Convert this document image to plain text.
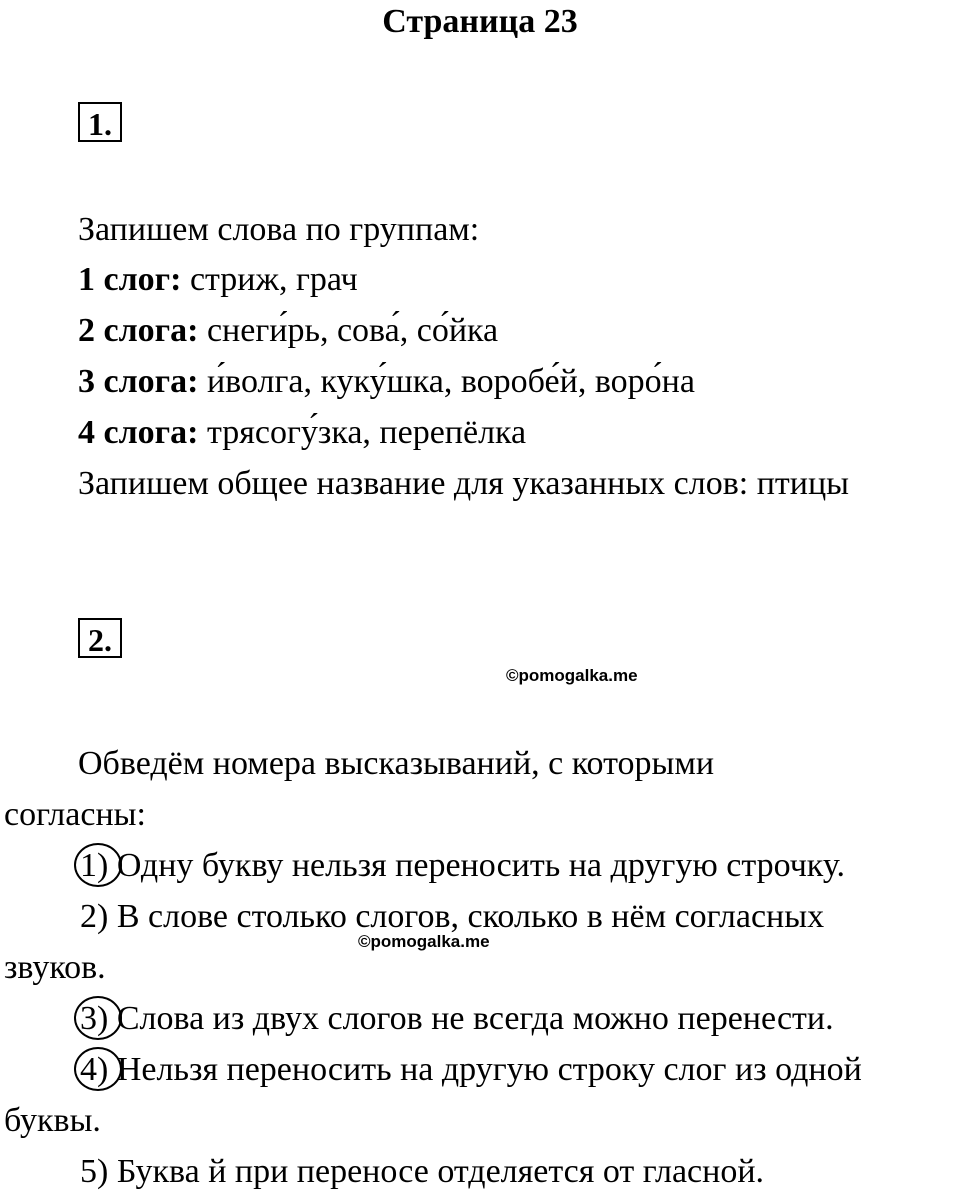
Страница 23
1.
Запишем слова по группам:
1 слог: стриж, грач
2 слога: снеги́рь, сова́, со́йка
3 слога: и́волга, куку́шка, воробе́й, воро́на
4 слога: трясогу́зка, перепёлка
Запишем общее название для указанных слов: птицы
2.
©pomogalka.me
Обведём номера высказываний, с которыми
согласны:
1) Одну букву нельзя переносить на другую строчку.
2) В слове столько слогов, сколько в нём согласных
©pomogalka.me
звуков.
3) Слова из двух слогов не всегда можно перенести.
4) Нельзя переносить на другую строку слог из одной
буквы.
5) Буква й при переносе отделяется от гласной.
